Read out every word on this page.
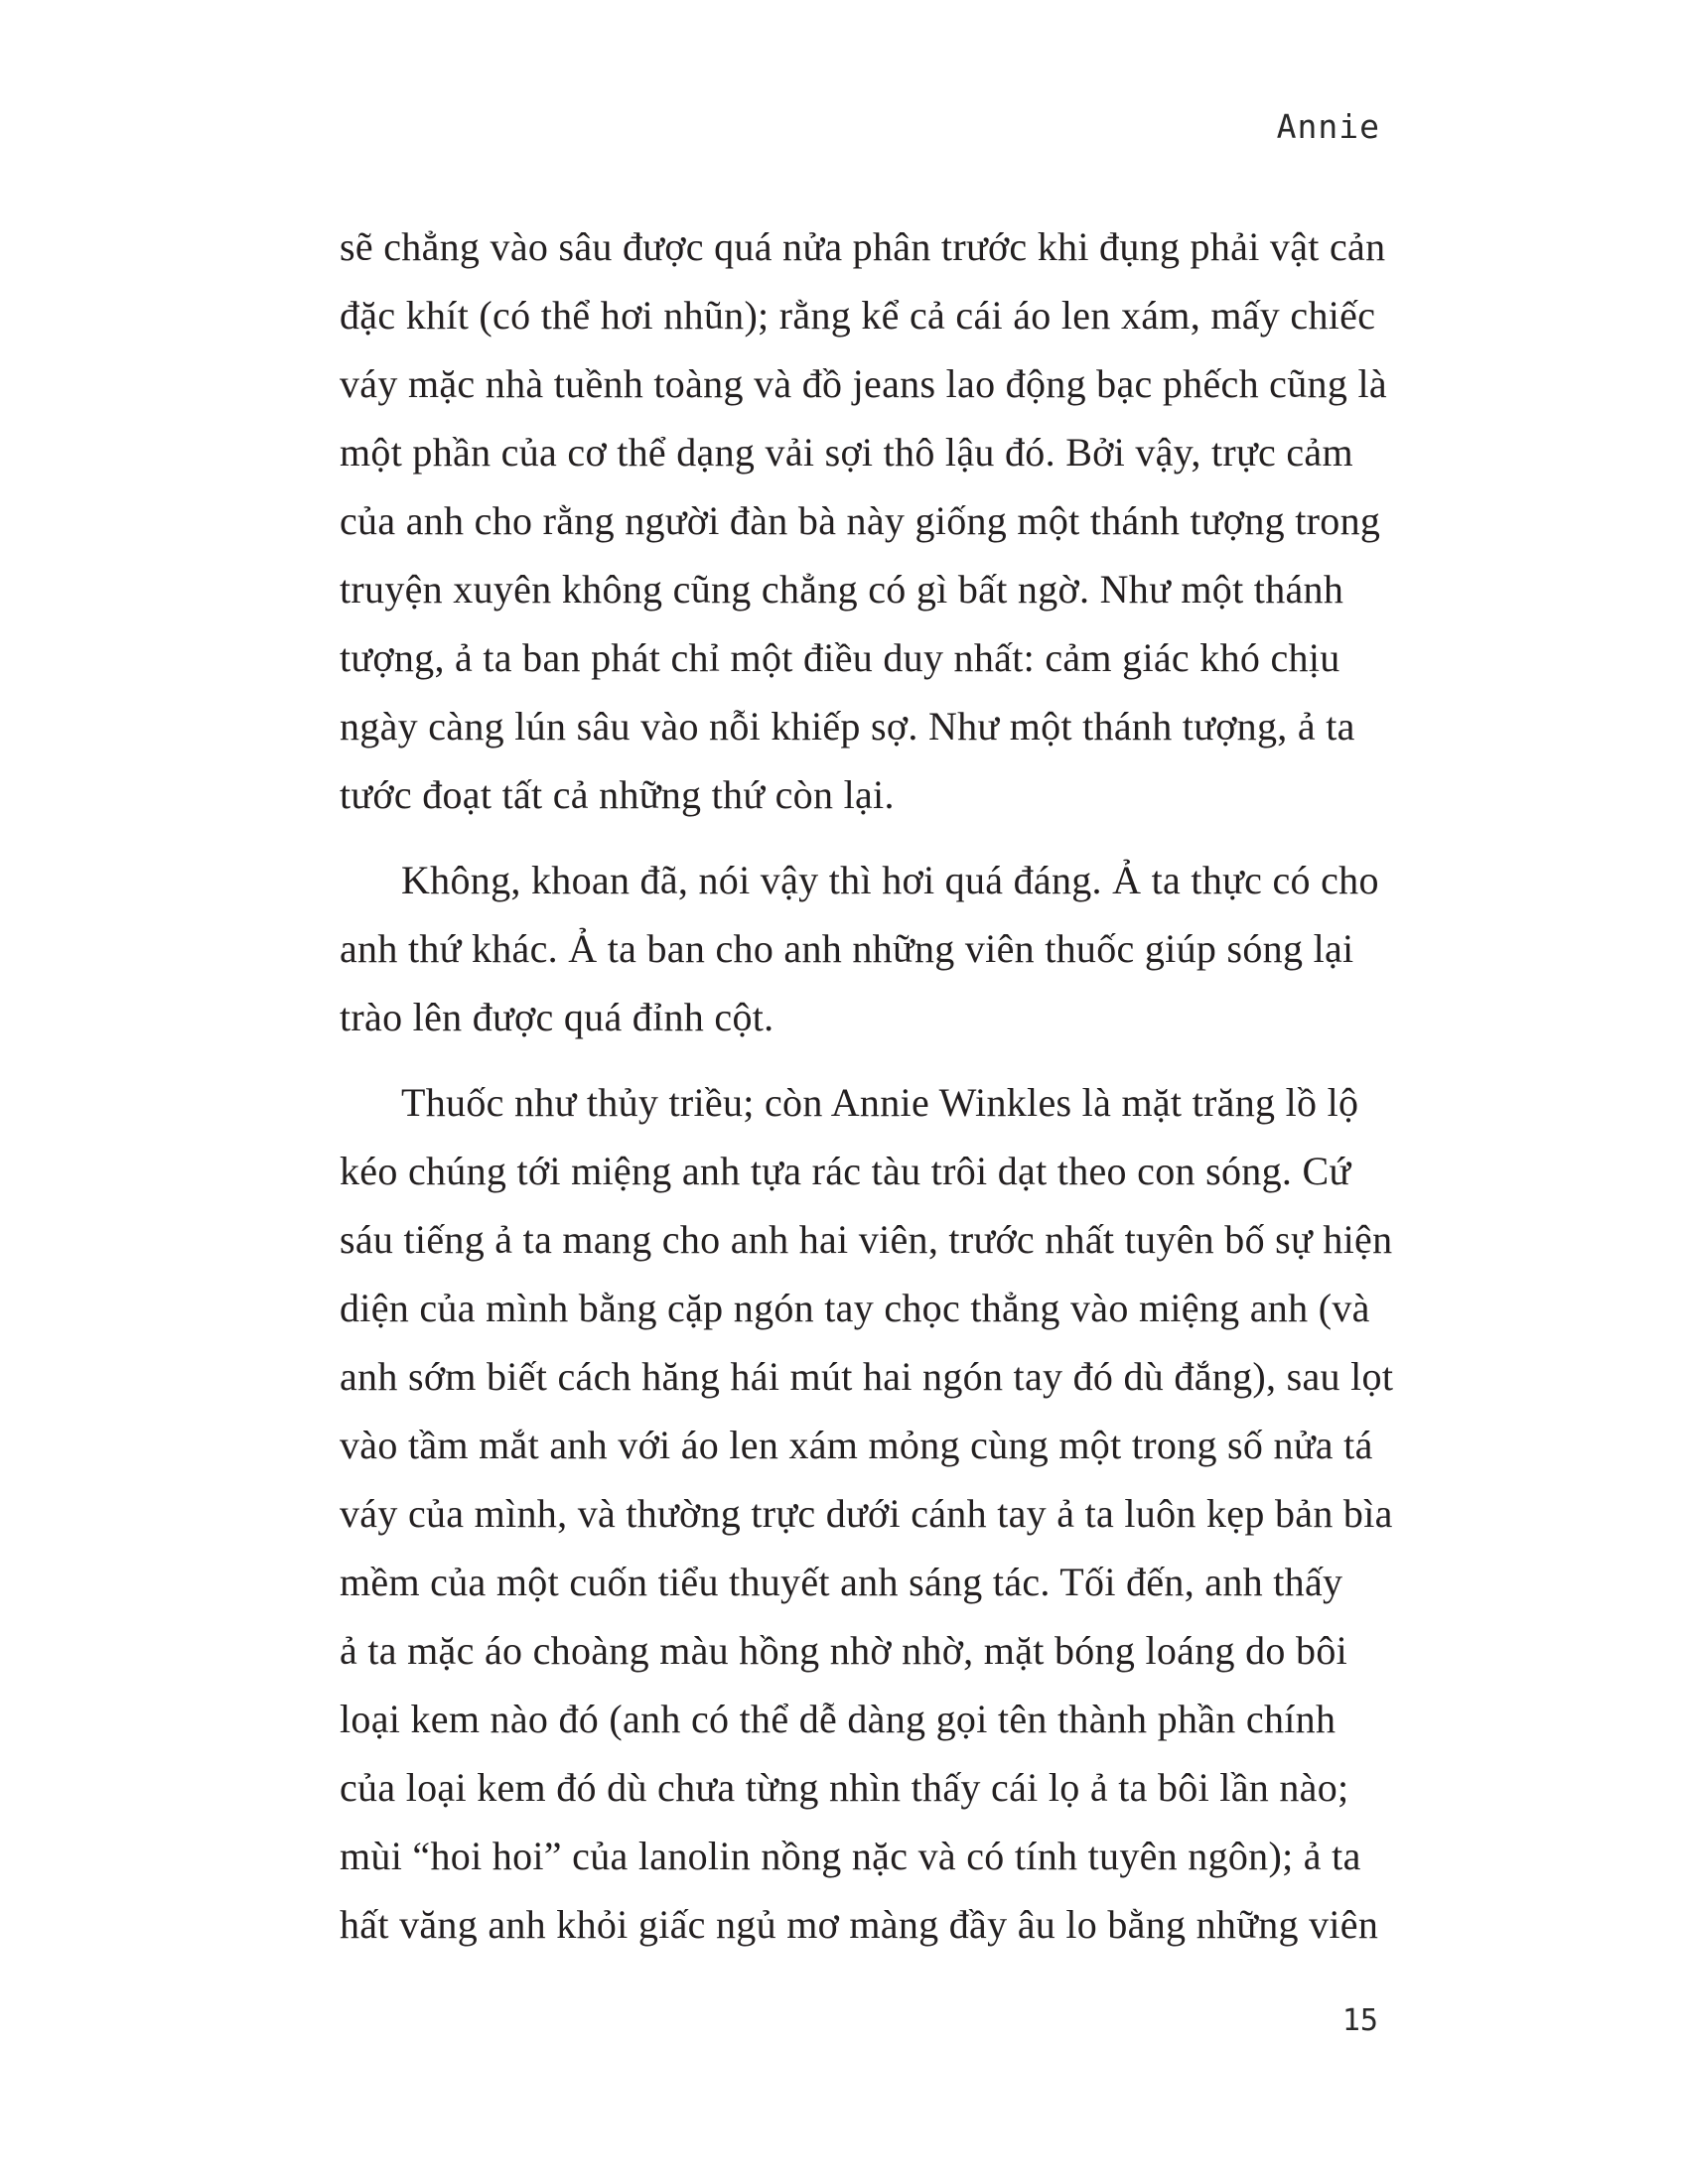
Annie

sẽ chẳng vào sâu được quá nửa phân trước khi đụng phải vật cản
đặc khít (có thể hơi nhũn); rằng kể cả cái áo len xám, mấy chiếc
váy mặc nhà tuềnh toàng và đồ jeans lao động bạc phếch cũng là
một phần của cơ thể dạng vải sợi thô lậu đó. Bởi vậy, trực cảm
của anh cho rằng người đàn bà này giống một thánh tượng trong
truyện xuyên không cũng chẳng có gì bất ngờ. Như một thánh
tượng, ả ta ban phát chỉ một điều duy nhất: cảm giác khó chịu
ngày càng lún sâu vào nỗi khiếp sợ. Như một thánh tượng, ả ta
tước đoạt tất cả những thứ còn lại.

Không, khoan đã, nói vậy thì hơi quá đáng. Ả ta thực có cho
anh thứ khác. Ả ta ban cho anh những viên thuốc giúp sóng lại
trào lên được quá đỉnh cột.

Thuốc như thủy triều; còn Annie Winkles là mặt trăng lồ lộ
kéo chúng tới miệng anh tựa rác tàu trôi dạt theo con sóng. Cứ
sáu tiếng ả ta mang cho anh hai viên, trước nhất tuyên bố sự hiện
diện của mình bằng cặp ngón tay chọc thẳng vào miệng anh (và
anh sớm biết cách hăng hái mút hai ngón tay đó dù đắng), sau lọt
vào tầm mắt anh với áo len xám mỏng cùng một trong số nửa tá
váy của mình, và thường trực dưới cánh tay ả ta luôn kẹp bản bìa
mềm của một cuốn tiểu thuyết anh sáng tác. Tối đến, anh thấy
ả ta mặc áo choàng màu hồng nhờ nhờ, mặt bóng loáng do bôi
loại kem nào đó (anh có thể dễ dàng gọi tên thành phần chính
của loại kem đó dù chưa từng nhìn thấy cái lọ ả ta bôi lần nào;
mùi “hoi hoi” của lanolin nồng nặc và có tính tuyên ngôn); ả ta
hất văng anh khỏi giấc ngủ mơ màng đầy âu lo bằng những viên

15
